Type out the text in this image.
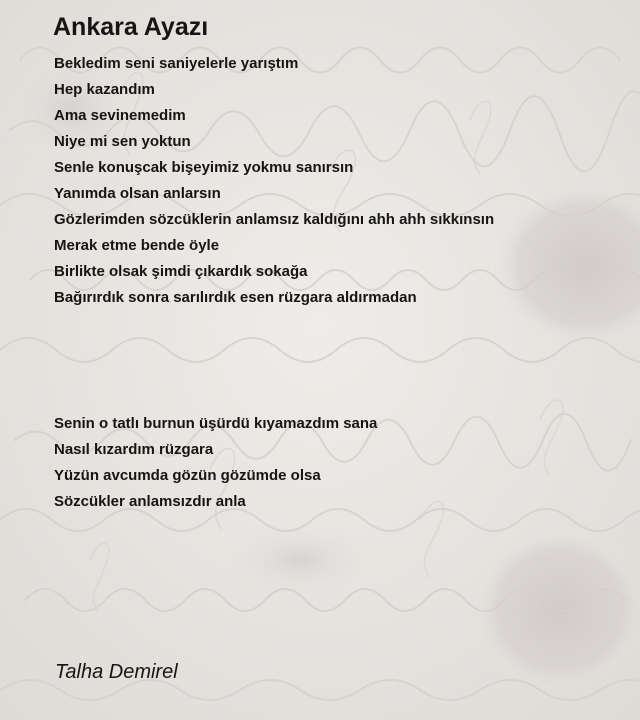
Ankara Ayazı
Bekledim seni saniyelerle yarıştım
Hep kazandım
Ama sevinemedim
Niye mi sen yoktun
Senle konuşcak bişeyimiz yokmu sanırsın
Yanımda olsan anlarsın
Gözlerimden sözcüklerin anlamsız kaldığını ahh ahh sıkkınsın
Merak etme bende öyle
Birlikte olsak şimdi çıkardık sokağa
Bağırırdık sonra sarılırdık esen rüzgara aldırmadan
Senin o tatlı burnun üşürdü kıyamazdım sana
Nasıl kızardım rüzgara
Yüzün avcumda gözün gözümde olsa
Sözcükler anlamsızdır anla
Talha Demirel
